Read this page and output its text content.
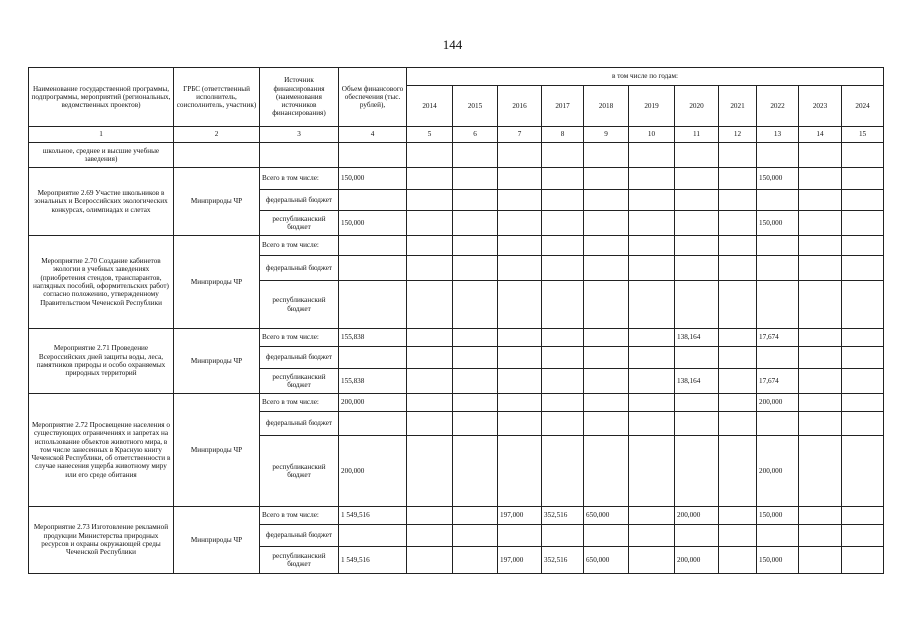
144
Наименование государственной программы, подпрограммы, мероприятий (региональных, ведомственных проектов)	ГРБС (ответственный исполнитель, соисполнитель, участник)	Источник финансирования (наименования источников финансирования)	Объем финансового обеспечения (тыс. рублей),	в том числе по годам:										
				2014	2015	2016	2017	2018	2019	2020	2021	2022	2023	2024
1	2	3	4	5	6	7	8	9	10	11	12	13	14	15
школьное, среднее и высшие учебные заведения)														
Мероприятие 2.69 Участие школьников в зональных и Всероссийских экологических конкурсах, олимпиадах и слетах	Минприроды ЧР	Всего в том числе:	150,000									150,000		
		федеральный бюджет												
		республиканский бюджет	150,000									150,000		
Мероприятие 2.70 Создание кабинетов экологии в учебных заведениях (приобретения стендов, транспарантов, наглядных пособий, оформительских работ) согласно положению, утвержденному Правительством Чеченской Республики	Минприроды ЧР	Всего в том числе:												
		федеральный бюджет												
		республиканский бюджет												
Мероприятие 2.71 Проведение Всероссийских дней защиты воды, леса, памятников природы и особо охраняемых природных территорий	Минприроды ЧР	Всего в том числе:	155,838							138,164		17,674		
		федеральный бюджет												
		республиканский бюджет	155,838							138,164		17,674		
Мероприятие 2.72 Просвещение населения о существующих ограничениях и запретах на использование объектов животного мира, в том числе занесенных в Красную книгу Чеченской Республики, об ответственности в случае нанесения ущерба животному миру или его среде обитания	Минприроды ЧР	Всего в том числе:	200,000									200,000		
		федеральный бюджет												
		республиканский бюджет	200,000									200,000		
Мероприятие 2.73 Изготовление рекламной продукции Министерства природных ресурсов и охраны окружающей среды Чеченской Республики	Минприроды ЧР	Всего в том числе:	1 549,516			197,000	352,516	650,000		200,000		150,000		
		федеральный бюджет												
		республиканский бюджет	1 549,516			197,000	352,516	650,000		200,000		150,000		
